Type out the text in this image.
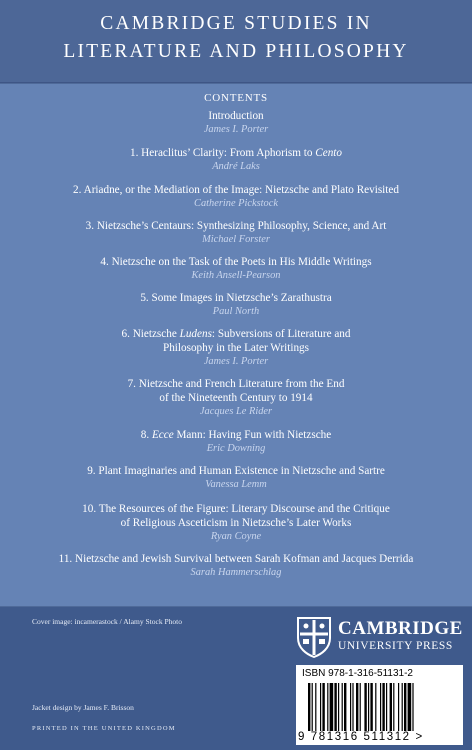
CAMBRIDGE STUDIES IN
LITERATURE AND PHILOSOPHY
CONTENTS
Introduction
James I. Porter
1. Heraclitus’ Clarity: From Aphorism to Cento
André Laks
2. Ariadne, or the Mediation of the Image: Nietzsche and Plato Revisited
Catherine Pickstock
3. Nietzsche’s Centaurs: Synthesizing Philosophy, Science, and Art
Michael Forster
4. Nietzsche on the Task of the Poets in His Middle Writings
Keith Ansell-Pearson
5. Some Images in Nietzsche’s Zarathustra
Paul North
6. Nietzsche Ludens: Subversions of Literature and
Philosophy in the Later Writings
James I. Porter
7. Nietzsche and French Literature from the End
of the Nineteenth Century to 1914
Jacques Le Rider
8. Ecce Mann: Having Fun with Nietzsche
Eric Downing
9. Plant Imaginaries and Human Existence in Nietzsche and Sartre
Vanessa Lemm
10. The Resources of the Figure: Literary Discourse and the Critique
of Religious Asceticism in Nietzsche’s Later Works
Ryan Coyne
11. Nietzsche and Jewish Survival between Sarah Kofman and Jacques Derrida
Sarah Hammerschlag
Cover image: incamerastock / Alamy Stock Photo
Jacket design by James F. Brisson
PRINTED IN THE UNITED KINGDOM
CAMBRIDGE
UNIVERSITY PRESS
ISBN 978-1-316-51131-2
9 781316 511312 >
